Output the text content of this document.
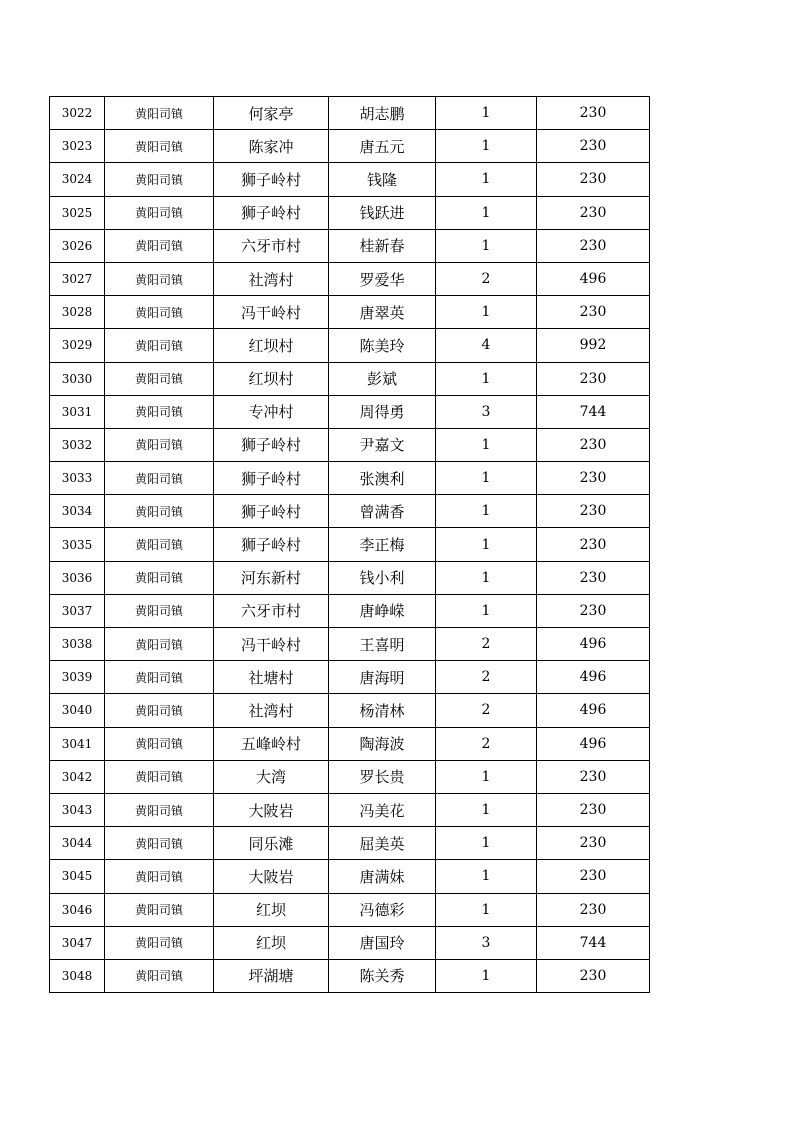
3022	黄阳司镇	何家亭	胡志鹏	1	230
3023	黄阳司镇	陈家冲	唐五元	1	230
3024	黄阳司镇	狮子岭村	钱隆	1	230
3025	黄阳司镇	狮子岭村	钱跃进	1	230
3026	黄阳司镇	六牙市村	桂新春	1	230
3027	黄阳司镇	社湾村	罗爱华	2	496
3028	黄阳司镇	冯干岭村	唐翠英	1	230
3029	黄阳司镇	红坝村	陈美玲	4	992
3030	黄阳司镇	红坝村	彭斌	1	230
3031	黄阳司镇	专冲村	周得勇	3	744
3032	黄阳司镇	狮子岭村	尹嘉文	1	230
3033	黄阳司镇	狮子岭村	张澳利	1	230
3034	黄阳司镇	狮子岭村	曾满香	1	230
3035	黄阳司镇	狮子岭村	李正梅	1	230
3036	黄阳司镇	河东新村	钱小利	1	230
3037	黄阳司镇	六牙市村	唐峥嵘	1	230
3038	黄阳司镇	冯干岭村	王喜明	2	496
3039	黄阳司镇	社塘村	唐海明	2	496
3040	黄阳司镇	社湾村	杨清林	2	496
3041	黄阳司镇	五峰岭村	陶海波	2	496
3042	黄阳司镇	大湾	罗长贵	1	230
3043	黄阳司镇	大陂岩	冯美花	1	230
3044	黄阳司镇	同乐滩	屈美英	1	230
3045	黄阳司镇	大陂岩	唐满妹	1	230
3046	黄阳司镇	红坝	冯德彩	1	230
3047	黄阳司镇	红坝	唐国玲	3	744
3048	黄阳司镇	坪湖塘	陈关秀	1	230
